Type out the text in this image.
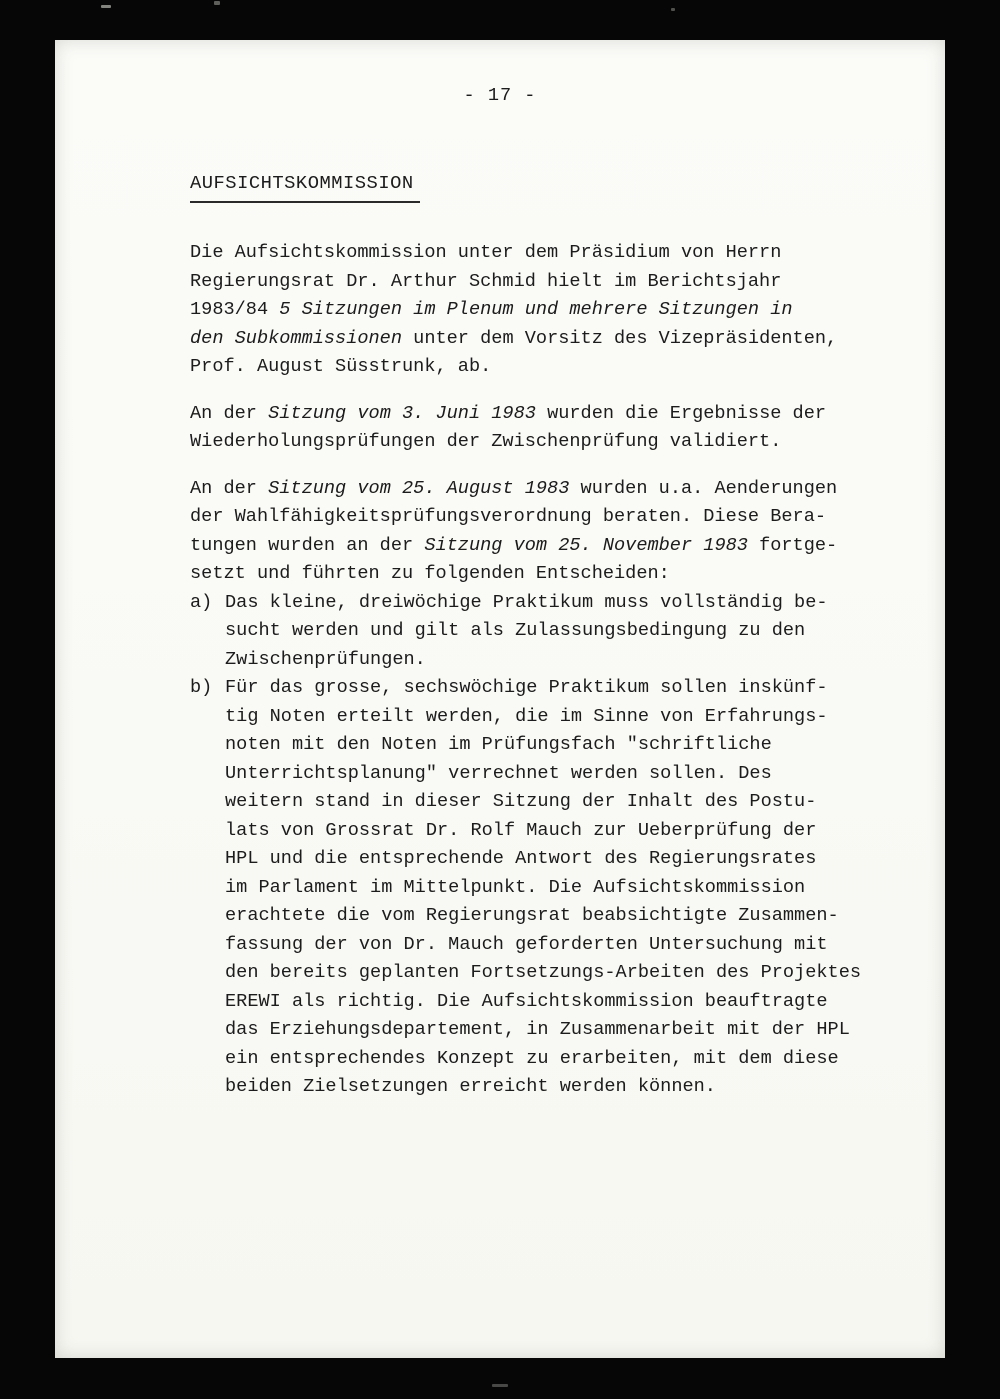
- 17 -
AUFSICHTSKOMMISSION
Die Aufsichtskommission unter dem Präsidium von Herrn
Regierungsrat Dr. Arthur Schmid hielt im Berichtsjahr
1983/84 5 Sitzungen im Plenum und mehrere Sitzungen in
den Subkommissionen unter dem Vorsitz des Vizepräsidenten,
Prof. August Süsstrunk, ab.
An der Sitzung vom 3. Juni 1983 wurden die Ergebnisse der
Wiederholungsprüfungen der Zwischenprüfung validiert.
An der Sitzung vom 25. August 1983 wurden u.a. Aenderungen
der Wahlfähigkeitsprüfungsverordnung beraten. Diese Bera-
tungen wurden an der Sitzung vom 25. November 1983 fortge-
setzt und führten zu folgenden Entscheiden:
a) Das kleine, dreiwöchige Praktikum muss vollständig be-
sucht werden und gilt als Zulassungsbedingung zu den
Zwischenprüfungen.
b) Für das grosse, sechswöchige Praktikum sollen inskünf-
tig Noten erteilt werden, die im Sinne von Erfahrungs-
noten mit den Noten im Prüfungsfach "schriftliche
Unterrichtsplanung" verrechnet werden sollen. Des
weitern stand in dieser Sitzung der Inhalt des Postu-
lats von Grossrat Dr. Rolf Mauch zur Ueberprüfung der
HPL und die entsprechende Antwort des Regierungsrates
im Parlament im Mittelpunkt. Die Aufsichtskommission
erachtete die vom Regierungsrat beabsichtigte Zusammen-
fassung der von Dr. Mauch geforderten Untersuchung mit
den bereits geplanten Fortsetzungs-Arbeiten des Projektes
EREWI als richtig. Die Aufsichtskommission beauftragte
das Erziehungsdepartement, in Zusammenarbeit mit der HPL
ein entsprechendes Konzept zu erarbeiten, mit dem diese
beiden Zielsetzungen erreicht werden können.
